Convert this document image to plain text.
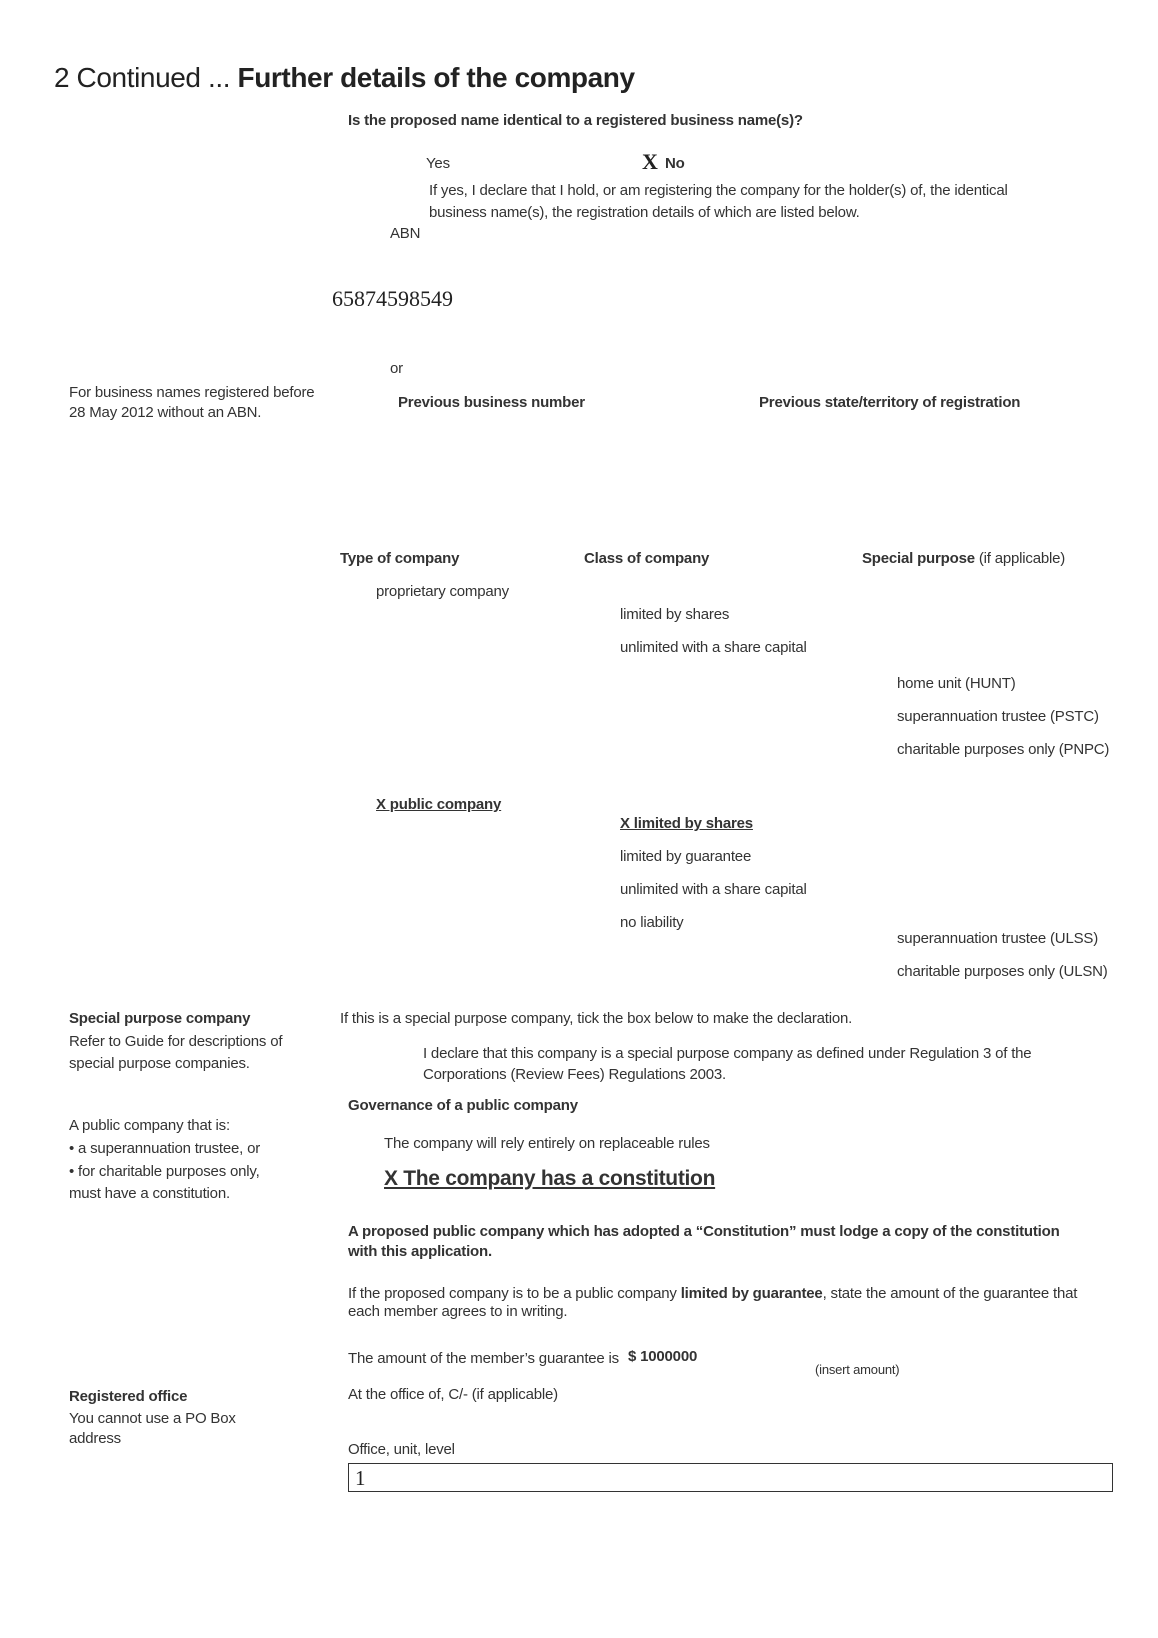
2 Continued ... Further details of the company
Is the proposed name identical to a registered business name(s)?
Yes	X No
If yes, I declare that I hold, or am registering the company for the holder(s) of, the identical business name(s), the registration details of which are listed below.
ABN
65874598549
or
For business names registered before 28 May 2012 without an ABN.
Previous business number	Previous state/territory of registration
Type of company	Class of company	Special purpose (if applicable)
proprietary company
limited by shares
unlimited with a share capital
home unit (HUNT)
superannuation trustee (PSTC)
charitable purposes only (PNPC)
X public company
X limited by shares
limited by guarantee
unlimited with a share capital
no liability
superannuation trustee (ULSS)
charitable purposes only (ULSN)
Special purpose company
Refer to Guide for descriptions of special purpose companies.
If this is a special purpose company, tick the box below to make the declaration.
I declare that this company is a special purpose company as defined under Regulation 3 of the Corporations (Review Fees) Regulations 2003.
A public company that is:
• a superannuation trustee, or
• for charitable purposes only,
must have a constitution.
Governance of a public company
The company will rely entirely on replaceable rules
X The company has a constitution
A proposed public company which has adopted a “Constitution” must lodge a copy of the constitution with this application.
If the proposed company is to be a public company limited by guarantee, state the amount of the guarantee that each member agrees to in writing.
The amount of the member’s guarantee is $ 1000000
(insert amount)
Registered office
You cannot use a PO Box address
At the office of, C/- (if applicable)
Office, unit, level
1
